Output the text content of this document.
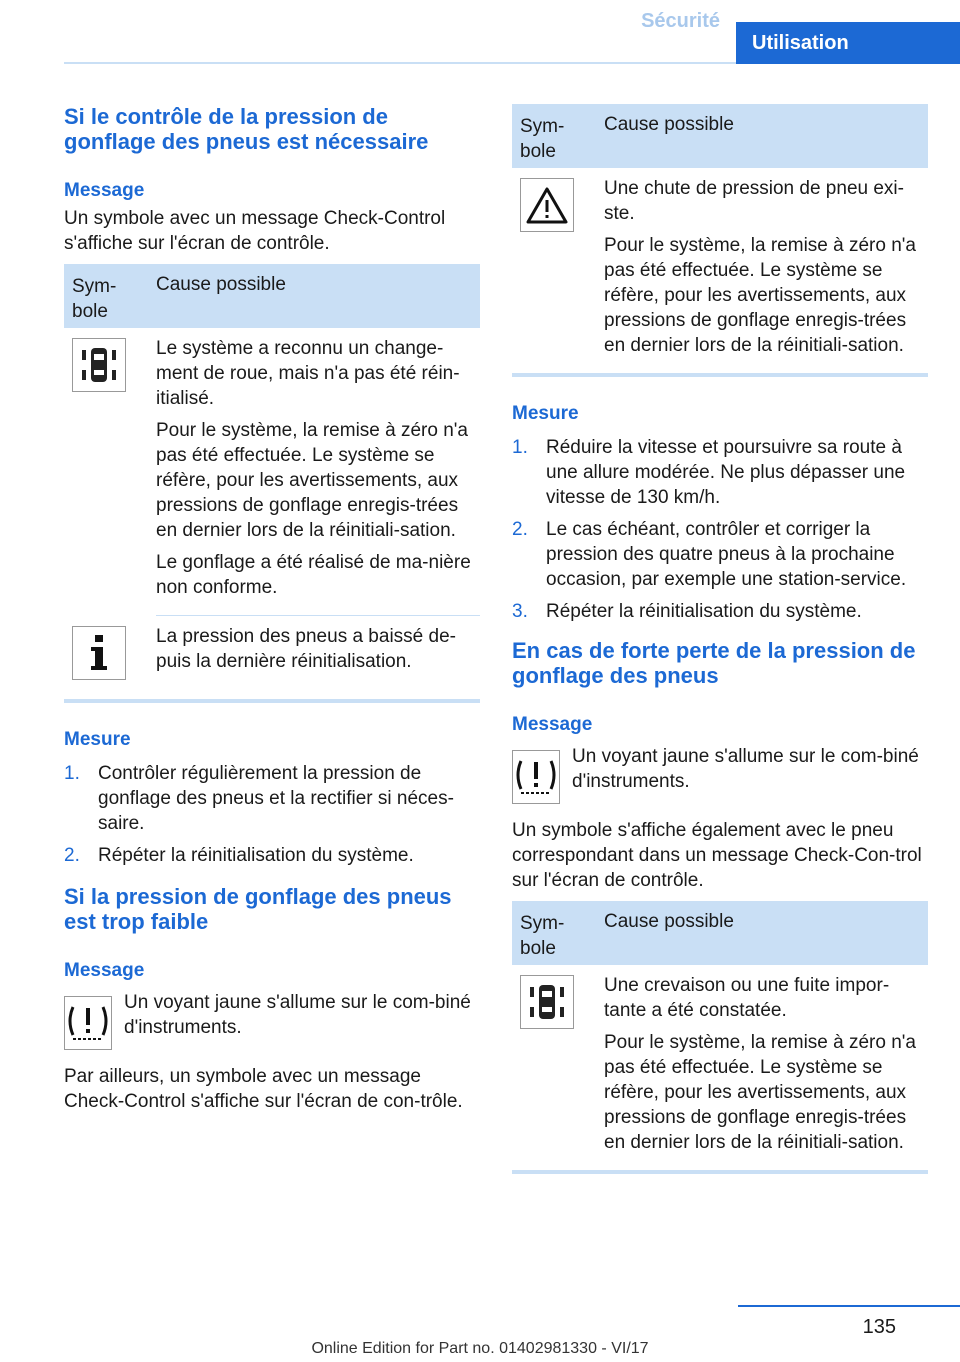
Sécurité
Utilisation
Si le contrôle de la pression de gonflage des pneus est nécessaire
Message

Un symbole avec un message Check-Control s'affiche sur l'écran de contrôle.

Sym-
bole
Cause possible

Le système a reconnu un change-ment de roue, mais n'a pas été réin-itialisé.

Pour le système, la remise à zéro n'a pas été effectuée. Le système se réfère, pour les avertissements, aux pressions de gonflage enregis-trées en dernier lors de la réinitiali-sation.

Le gonflage a été réalisé de ma-nière non conforme.

La pression des pneus a baissé de-puis la dernière réinitialisation.

Mesure
1. Contrôler régulièrement la pression de gonflage des pneus et la rectifier si néces-saire.
2. Répéter la réinitialisation du système.
Si la pression de gonflage des pneus est trop faible
Message

Un voyant jaune s'allume sur le com-biné d'instruments.

Par ailleurs, un symbole avec un message Check-Control s'affiche sur l'écran de con-trôle.

Sym-
bole
Cause possible

Une chute de pression de pneu exi-ste.

Pour le système, la remise à zéro n'a pas été effectuée. Le système se réfère, pour les avertissements, aux pressions de gonflage enregis-trées en dernier lors de la réinitiali-sation.

Mesure
1. Réduire la vitesse et poursuivre sa route à une allure modérée. Ne plus dépasser une vitesse de 130 km/h.
2. Le cas échéant, contrôler et corriger la pression des quatre pneus à la prochaine occasion, par exemple une station-service.
3. Répéter la réinitialisation du système.
En cas de forte perte de la pression de gonflage des pneus
Message

Un voyant jaune s'allume sur le com-biné d'instruments.

Un symbole s'affiche également avec le pneu correspondant dans un message Check-Con-trol sur l'écran de contrôle.

Sym-
bole
Cause possible

Une crevaison ou une fuite impor-tante a été constatée.

Pour le système, la remise à zéro n'a pas été effectuée. Le système se réfère, pour les avertissements, aux pressions de gonflage enregis-trées en dernier lors de la réinitiali-sation.

135
Online Edition for Part no. 01402981330 - VI/17
